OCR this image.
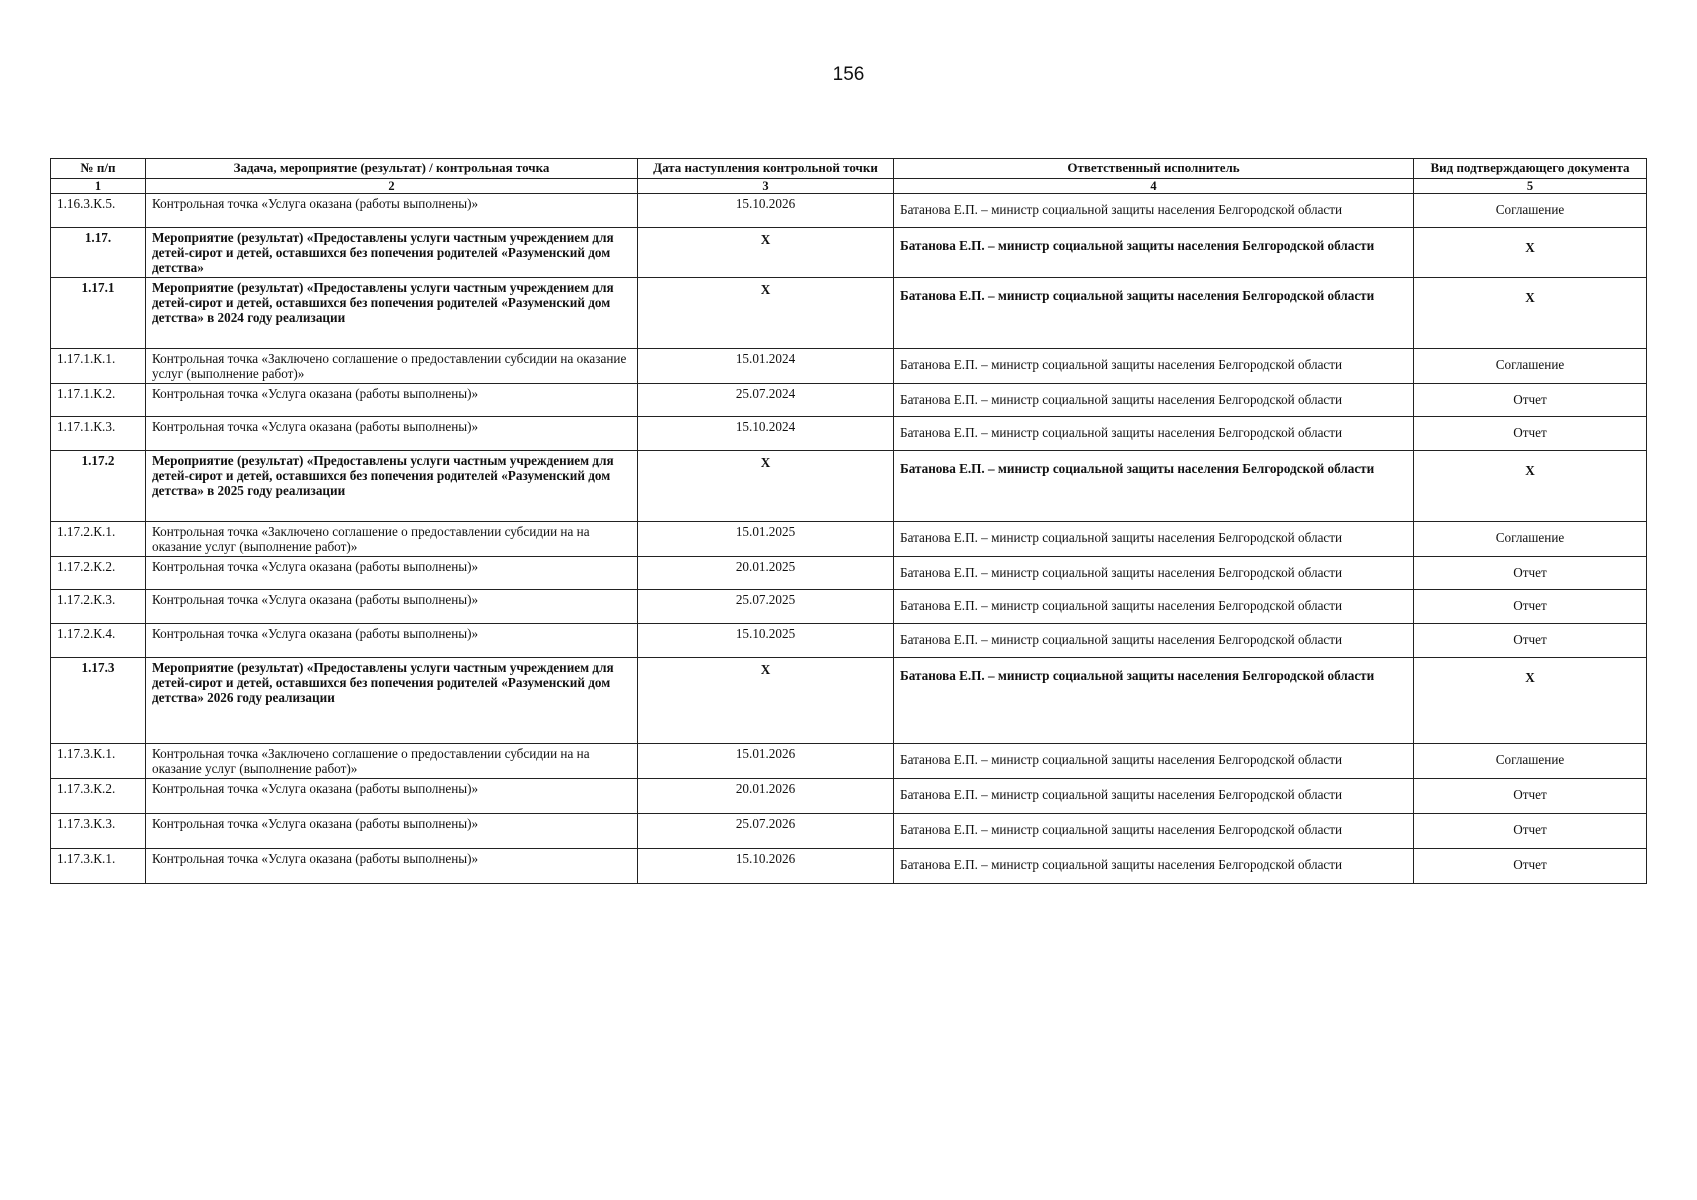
156
№ п/п	Задача, мероприятие (результат) / контрольная точка	Дата наступления контрольной точки	Ответственный исполнитель	Вид подтверждающего документа
1	2	3	4	5
1.16.3.К.5.	Контрольная точка «Услуга оказана (работы выполнены)»	15.10.2026	Батанова Е.П. – министр социальной защиты населения Белгородской области	Соглашение
1.17.	Мероприятие (результат) «Предоставлены услуги частным учреждением для детей-сирот и детей, оставшихся без попечения родителей «Разуменский дом детства»	Х	Батанова Е.П. – министр социальной защиты населения Белгородской области	Х
1.17.1	Мероприятие (результат) «Предоставлены услуги частным учреждением для детей-сирот и детей, оставшихся без попечения родителей «Разуменский дом детства» в 2024 году реализации	Х	Батанова Е.П. – министр социальной защиты населения Белгородской области	Х
1.17.1.К.1.	Контрольная точка «Заключено соглашение о предоставлении субсидии на оказание услуг (выполнение работ)»	15.01.2024	Батанова Е.П. – министр социальной защиты населения Белгородской области	Соглашение
1.17.1.К.2.	Контрольная точка «Услуга оказана (работы выполнены)»	25.07.2024	Батанова Е.П. – министр социальной защиты населения Белгородской области	Отчет
1.17.1.К.3.	Контрольная точка «Услуга оказана (работы выполнены)»	15.10.2024	Батанова Е.П. – министр социальной защиты населения Белгородской области	Отчет
1.17.2	Мероприятие (результат) «Предоставлены услуги частным учреждением для детей-сирот и детей, оставшихся без попечения родителей «Разуменский дом детства» в 2025 году реализации	Х	Батанова Е.П. – министр социальной защиты населения Белгородской области	Х
1.17.2.К.1.	Контрольная точка «Заключено соглашение о предоставлении субсидии на на оказание услуг (выполнение работ)»	15.01.2025	Батанова Е.П. – министр социальной защиты населения Белгородской области	Соглашение
1.17.2.К.2.	Контрольная точка «Услуга оказана (работы выполнены)»	20.01.2025	Батанова Е.П. – министр социальной защиты населения Белгородской области	Отчет
1.17.2.К.3.	Контрольная точка «Услуга оказана (работы выполнены)»	25.07.2025	Батанова Е.П. – министр социальной защиты населения Белгородской области	Отчет
1.17.2.К.4.	Контрольная точка «Услуга оказана (работы выполнены)»	15.10.2025	Батанова Е.П. – министр социальной защиты населения Белгородской области	Отчет
1.17.3	Мероприятие (результат) «Предоставлены услуги частным учреждением для детей-сирот и детей, оставшихся без попечения родителей «Разуменский дом детства» 2026 году реализации	Х	Батанова Е.П. – министр социальной защиты населения Белгородской области	Х
1.17.3.К.1.	Контрольная точка «Заключено соглашение о предоставлении субсидии на на оказание услуг (выполнение работ)»	15.01.2026	Батанова Е.П. – министр социальной защиты населения Белгородской области	Соглашение
1.17.3.К.2.	Контрольная точка «Услуга оказана (работы выполнены)»	20.01.2026	Батанова Е.П. – министр социальной защиты населения Белгородской области	Отчет
1.17.3.К.3.	Контрольная точка «Услуга оказана (работы выполнены)»	25.07.2026	Батанова Е.П. – министр социальной защиты населения Белгородской области	Отчет
1.17.3.К.1.	Контрольная точка «Услуга оказана (работы выполнены)»	15.10.2026	Батанова Е.П. – министр социальной защиты населения Белгородской области	Отчет
